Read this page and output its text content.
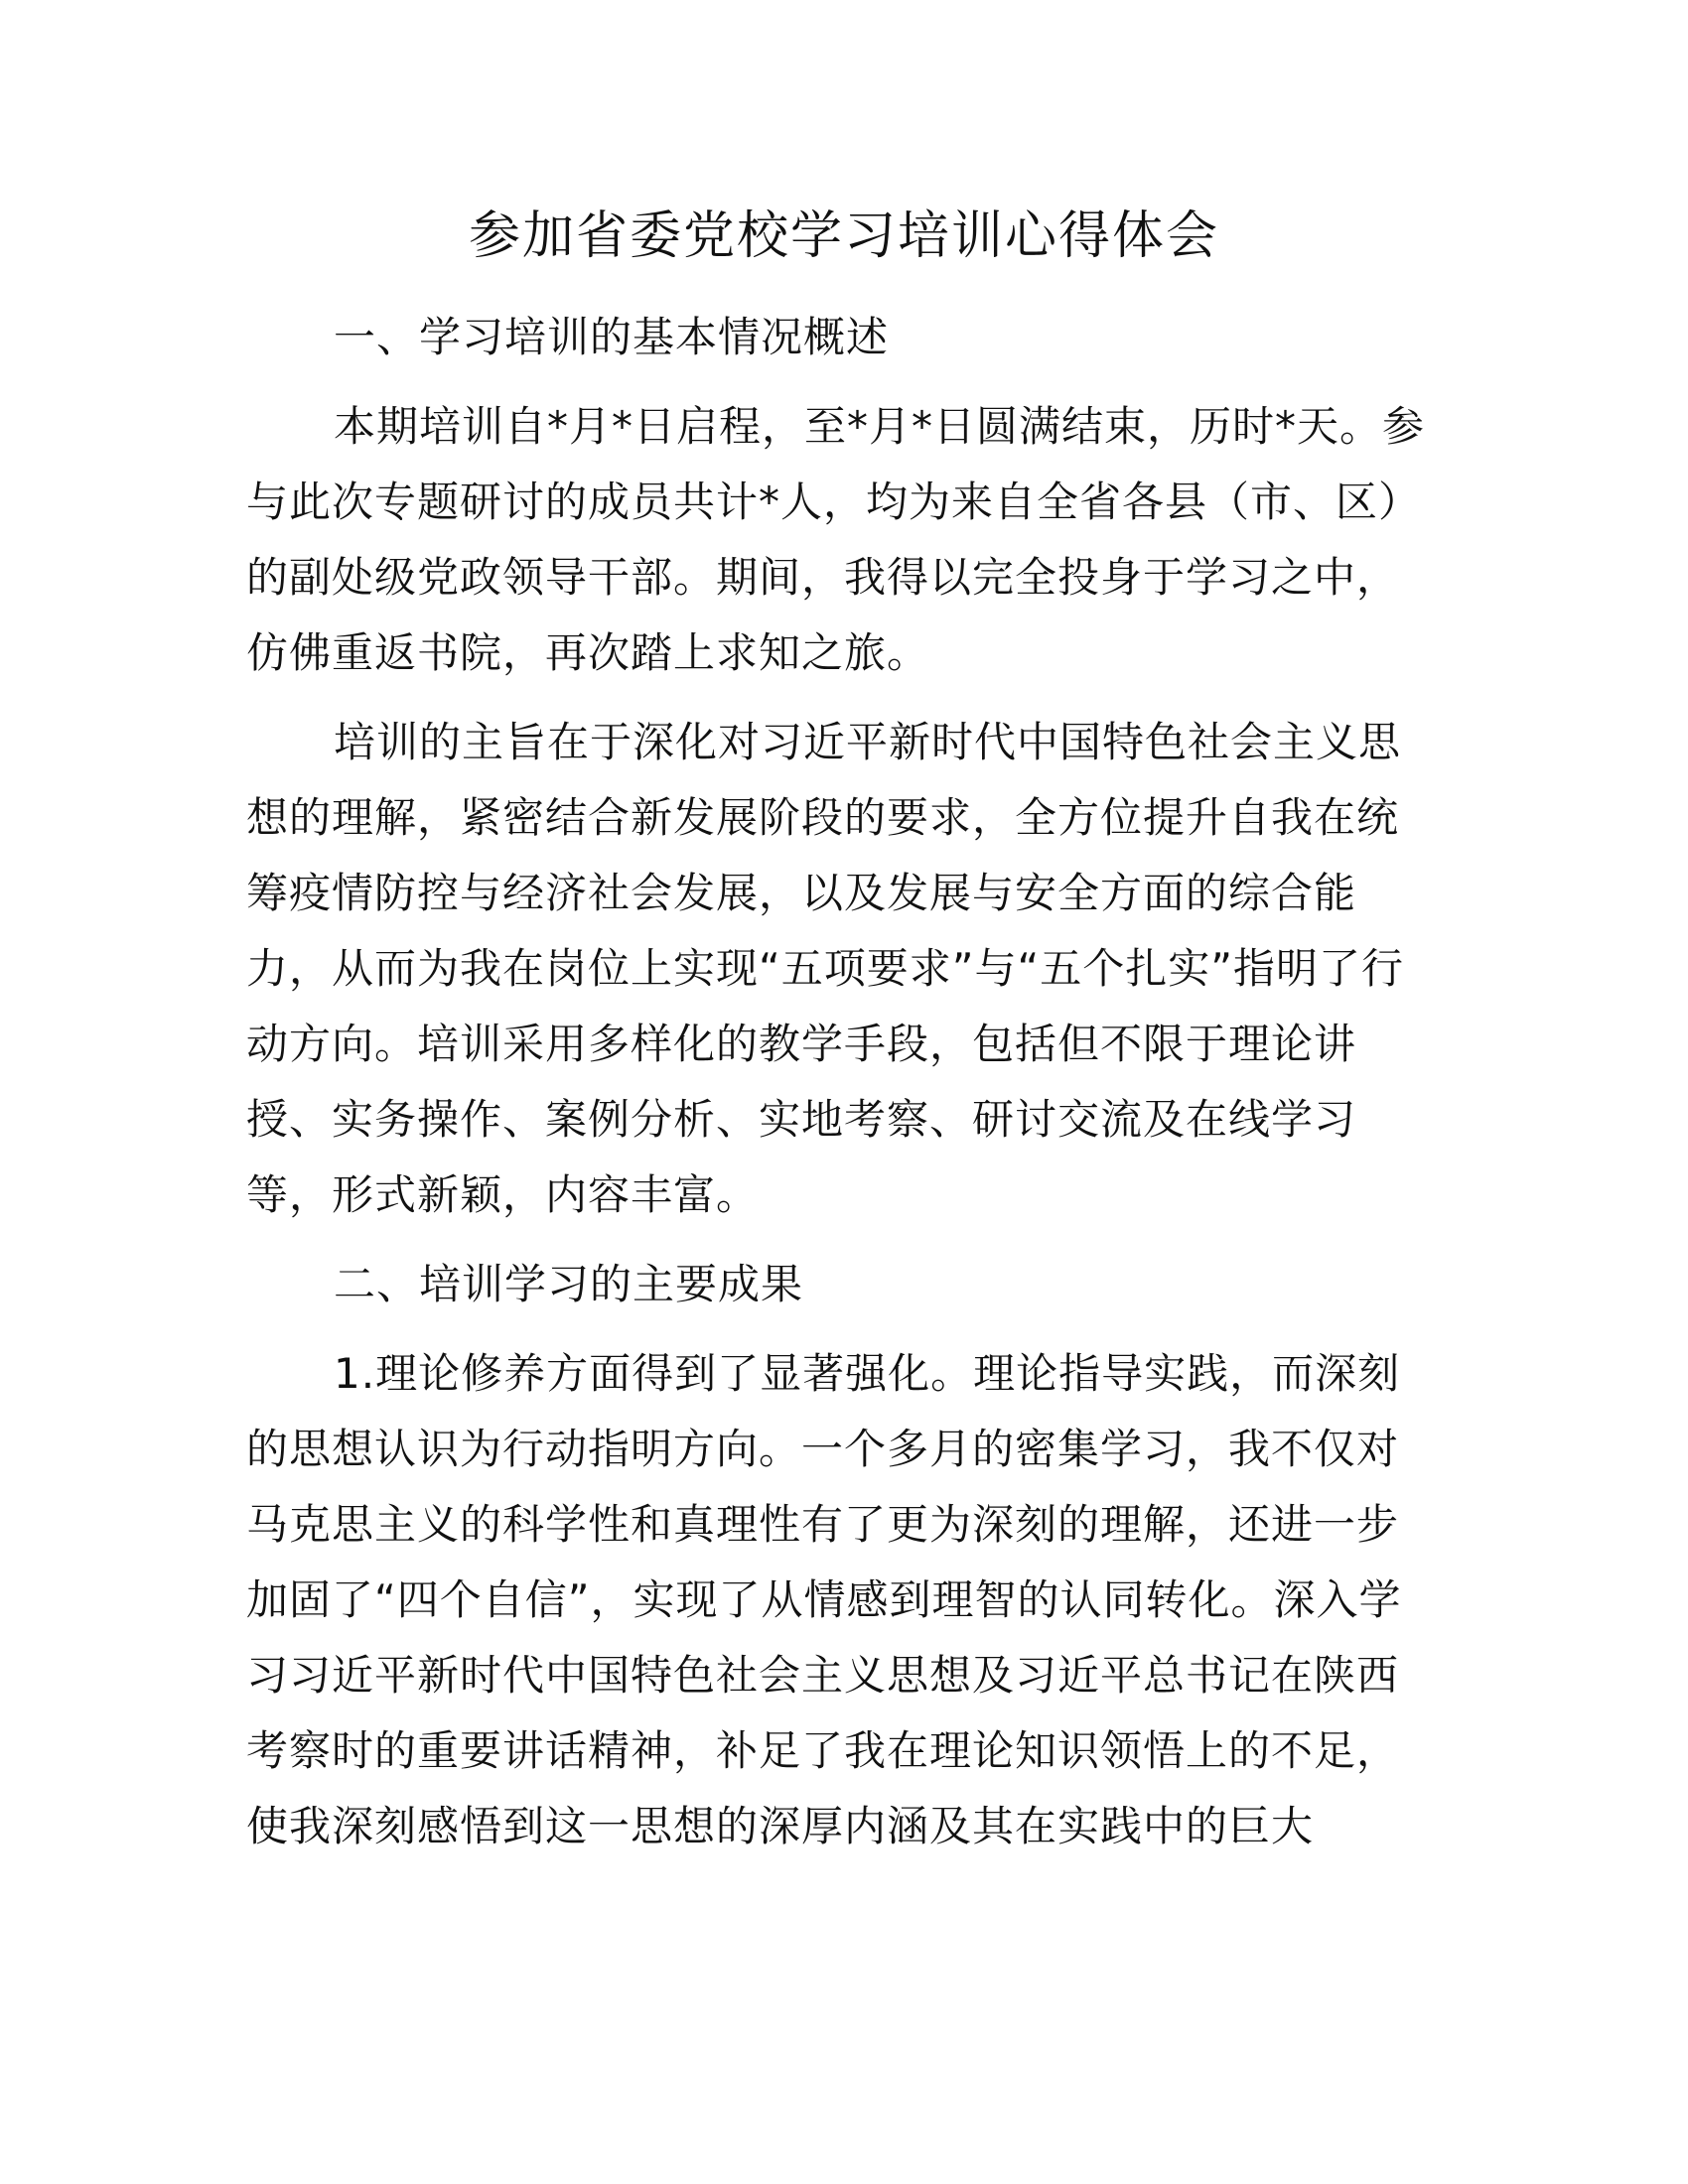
参加省委党校学习培训心得体会

一、学习培训的基本情况概述

本期培训自*月*日启程，至*月*日圆满结束，历时*天。参与此次专题研讨的成员共计*人，均为来自全省各县（市、区）的副处级党政领导干部。期间，我得以完全投身于学习之中，仿佛重返书院，再次踏上求知之旅。

培训的主旨在于深化对习近平新时代中国特色社会主义思想的理解，紧密结合新发展阶段的要求，全方位提升自我在统筹疫情防控与经济社会发展，以及发展与安全方面的综合能力，从而为我在岗位上实现“五项要求”与“五个扎实”指明了行动方向。培训采用多样化的教学手段，包括但不限于理论讲授、实务操作、案例分析、实地考察、研讨交流及在线学习等，形式新颖，内容丰富。

二、培训学习的主要成果

1.理论修养方面得到了显著强化。理论指导实践，而深刻的思想认识为行动指明方向。一个多月的密集学习，我不仅对马克思主义的科学性和真理性有了更为深刻的理解，还进一步加固了“四个自信”，实现了从情感到理智的认同转化。深入学习习近平新时代中国特色社会主义思想及习近平总书记在陕西考察时的重要讲话精神，补足了我在理论知识领悟上的不足，使我深刻感悟到这一思想的深厚内涵及其在实践中的巨大
